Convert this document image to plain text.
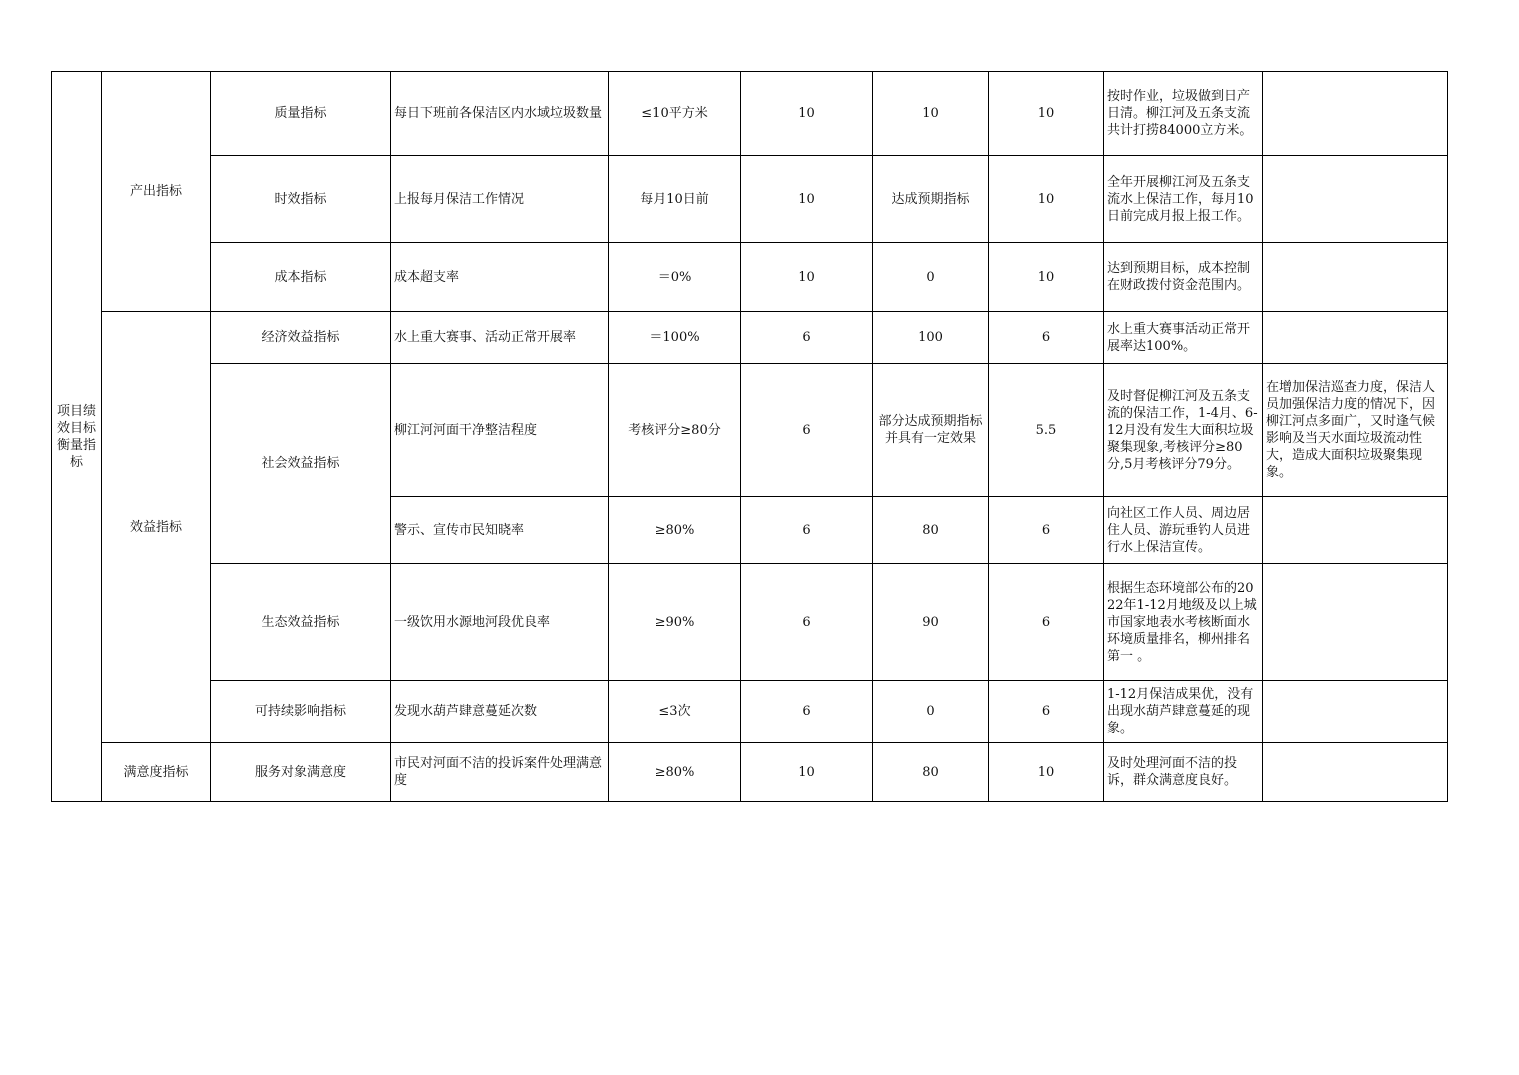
项目绩效目标衡量指标	产出指标	质量指标	每日下班前各保洁区内水域垃圾数量	≤10平方米	10	10	10	按时作业，垃圾做到日产日清。柳江河及五条支流共计打捞84000立方米。	
		时效指标	上报每月保洁工作情况	每月10日前	10	达成预期指标	10	全年开展柳江河及五条支流水上保洁工作，每月10日前完成月报上报工作。	
		成本指标	成本超支率	＝0%	10	0	10	达到预期目标，成本控制在财政拨付资金范围内。	
	效益指标	经济效益指标	水上重大赛事、活动正常开展率	＝100%	6	100	6	水上重大赛事活动正常开展率达100%。	
		社会效益指标	柳江河河面干净整洁程度	考核评分≥80分	6	部分达成预期指标并具有一定效果	5.5	及时督促柳江河及五条支流的保洁工作，1-4月、6-12月没有发生大面积垃圾聚集现象,考核评分≥80分,5月考核评分79分。	在增加保洁巡查力度，保洁人员加强保洁力度的情况下，因柳江河点多面广，又时逢气候影响及当天水面垃圾流动性大，造成大面积垃圾聚集现象。
			警示、宣传市民知晓率	≥80%	6	80	6	向社区工作人员、周边居住人员、游玩垂钓人员进行水上保洁宣传。	
		生态效益指标	一级饮用水源地河段优良率	≥90%	6	90	6	根据生态环境部公布的2022年1-12月地级及以上城市国家地表水考核断面水环境质量排名，柳州排名第一 。	
		可持续影响指标	发现水葫芦肆意蔓延次数	≤3次	6	0	6	1-12月保洁成果优，没有出现水葫芦肆意蔓延的现象。	
	满意度指标	服务对象满意度	市民对河面不洁的投诉案件处理满意度	≥80%	10	80	10	及时处理河面不洁的投诉，群众满意度良好。	
